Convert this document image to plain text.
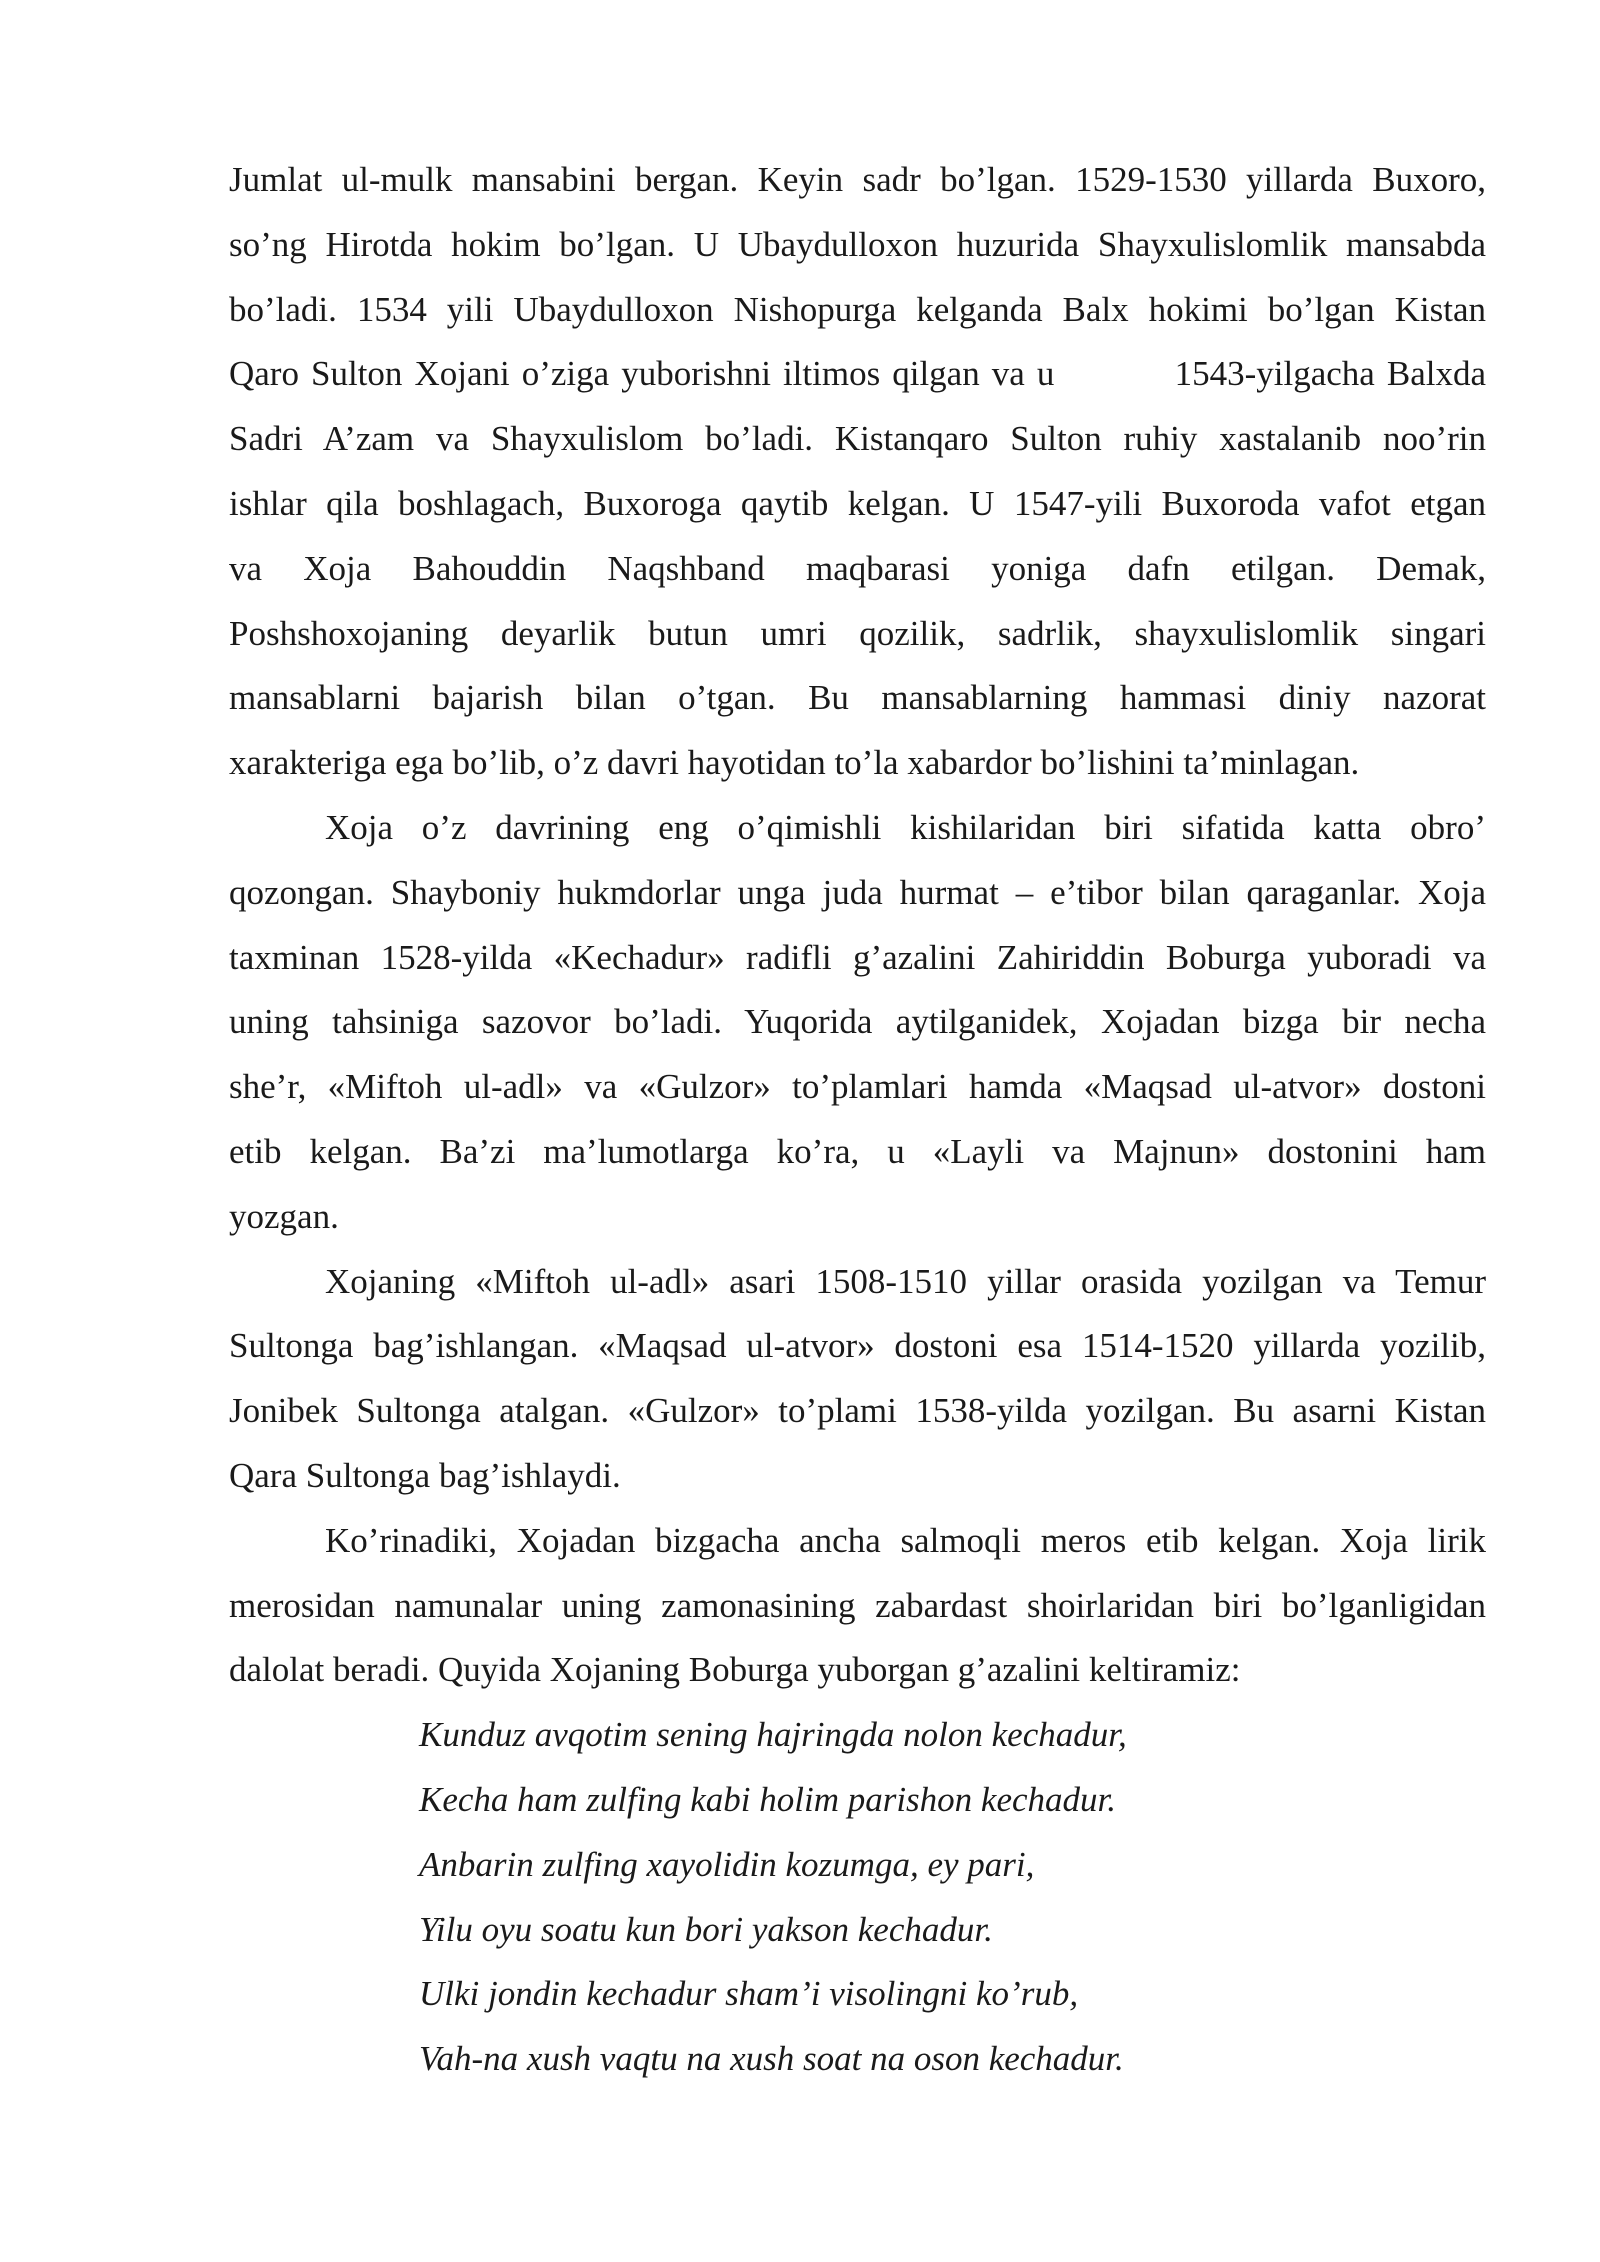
Jumlat ul-mulk mansabini bergan. Keyin sadr bo’lgan. 1529-1530 yillarda Buxoro,
so’ng Hirotda hokim bo’lgan. U Ubaydulloxon huzurida Shayxulislomlik mansabda
bo’ladi. 1534 yili Ubaydulloxon Nishopurga kelganda Balx hokimi bo’lgan Kistan
Qaro Sulton Xojani o’ziga yuborishni iltimos qilgan va u          1543-yilgacha Balxda
Sadri A’zam va Shayxulislom bo’ladi. Kistanqaro Sulton ruhiy xastalanib noo’rin
ishlar qila boshlagach, Buxoroga qaytib kelgan. U 1547-yili Buxoroda vafot etgan
va Xoja Bahouddin Naqshband maqbarasi yoniga dafn etilgan. Demak,
Poshshoxojaning deyarlik butun umri qozilik, sadrlik, shayxulislomlik singari
mansablarni bajarish bilan o’tgan. Bu mansablarning hammasi diniy nazorat
xarakteriga ega bo’lib, o’z davri hayotidan to’la xabardor bo’lishini ta’minlagan.

Xoja o’z davrining eng o’qimishli kishilaridan biri sifatida katta obro’
qozongan. Shayboniy hukmdorlar unga juda hurmat – e’tibor bilan qaraganlar. Xoja
taxminan 1528-yilda «Kechadur» radifli g’azalini Zahiriddin Boburga yuboradi va
uning tahsiniga sazovor bo’ladi. Yuqorida aytilganidek, Xojadan bizga bir necha
she’r, «Miftoh ul-adl» va «Gulzor» to’plamlari hamda «Maqsad ul-atvor» dostoni
etib kelgan. Ba’zi ma’lumotlarga ko’ra, u «Layli va Majnun» dostonini ham
yozgan.

Xojaning «Miftoh ul-adl» asari 1508-1510 yillar orasida yozilgan va Temur
Sultonga bag’ishlangan. «Maqsad ul-atvor» dostoni esa 1514-1520 yillarda yozilib,
Jonibek Sultonga atalgan. «Gulzor» to’plami 1538-yilda yozilgan. Bu asarni Kistan
Qara Sultonga bag’ishlaydi.

Ko’rinadiki, Xojadan bizgacha ancha salmoqli meros etib kelgan. Xoja lirik
merosidan namunalar uning zamonasining zabardast shoirlaridan biri bo’lganligidan
dalolat beradi. Quyida Xojaning Boburga yuborgan g’azalini keltiramiz:

Kunduz avqotim sening hajringda nolon kechadur,
Kecha ham zulfing kabi holim parishon kechadur.
Anbarin zulfing xayolidin kozumga, ey pari,
Yilu oyu soatu kun bori yakson kechadur.
Ulki jondin kechadur sham’i visolingni ko’rub,
Vah-na xush vaqtu na xush soat na oson kechadur.
